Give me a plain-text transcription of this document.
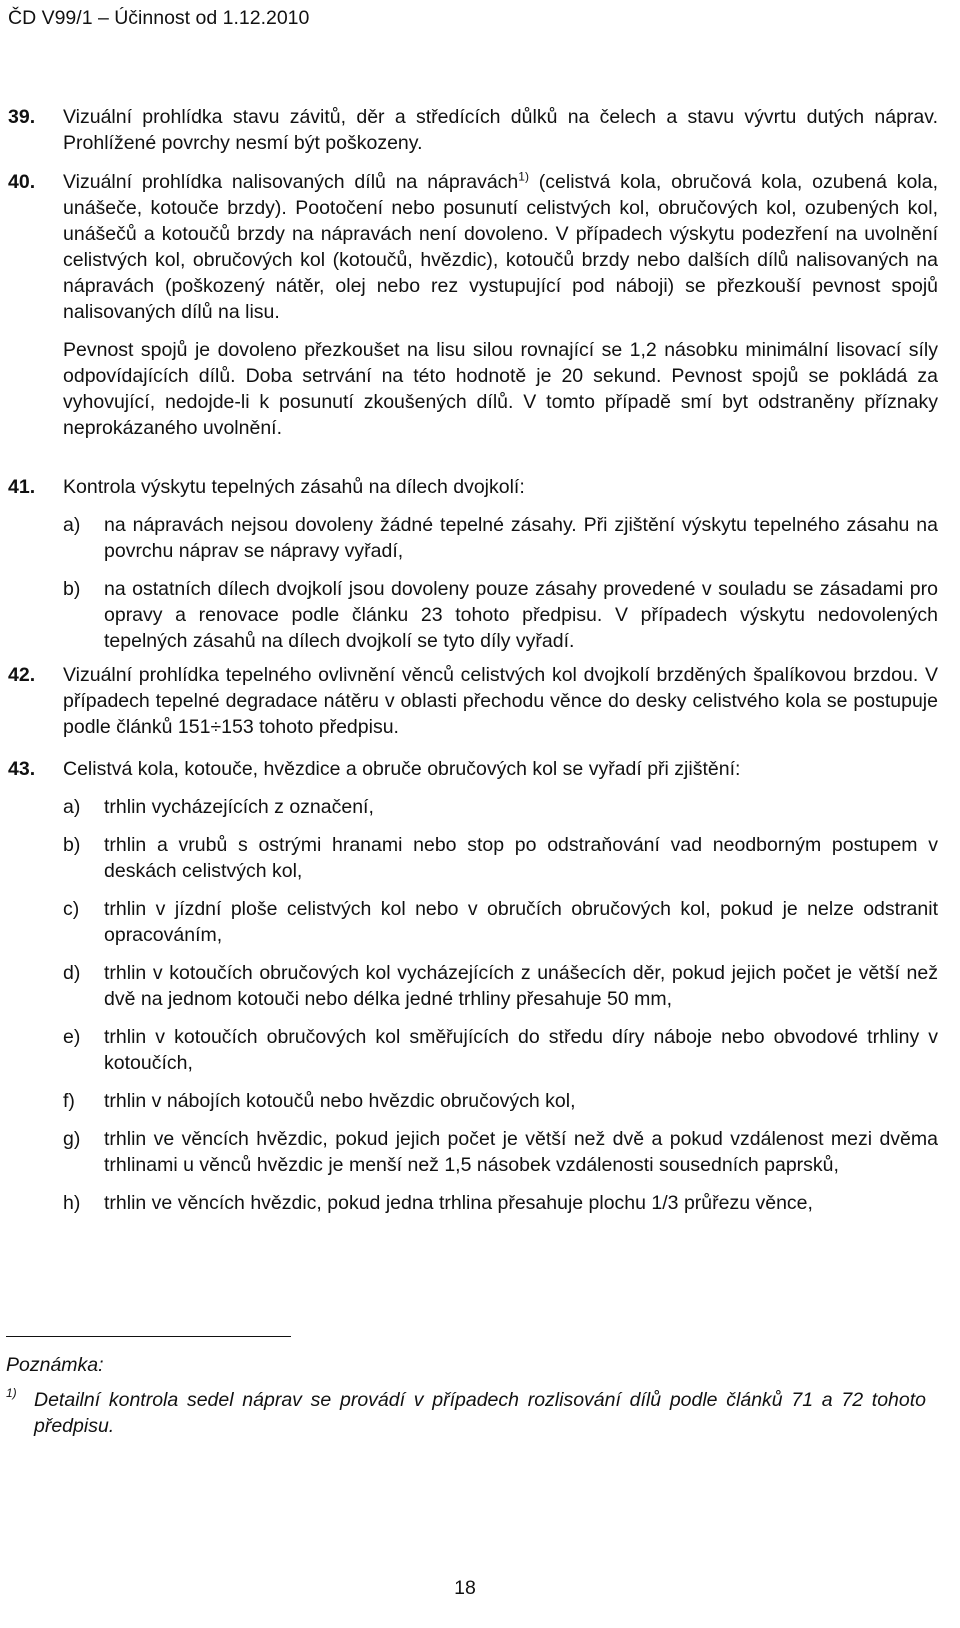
ČD V99/1 – Účinnost od 1.12.2010
39.	Vizuální prohlídka stavu závitů, děr a středících důlků na čelech a stavu vývrtu dutých náprav. Prohlížené povrchy nesmí být poškozeny.

40.	Vizuální prohlídka nalisovaných dílů na nápravách$^{1)}$ (celistvá kola, obručová kola, ozubená kola, unášeče, kotouče brzdy). Pootočení nebo posunutí celistvých kol, obručových kol, ozubených kol, unášečů a kotoučů brzdy na nápravách není dovoleno. V případech výskytu podezření na uvolnění celistvých kol, obručových kol (kotoučů, hvězdic), kotoučů brzdy nebo dalších dílů nalisovaných na nápravách (poškozený nátěr, olej nebo rez vystupující pod náboji) se přezkouší pevnost spojů nalisovaných dílů na lisu.

Pevnost spojů je dovoleno přezkoušet na lisu silou rovnající se 1,2 násobku minimální lisovací síly odpovídajících dílů. Doba setrvání na této hodnotě je 20 sekund. Pevnost spojů se pokládá za vyhovující, nedojde-li k posunutí zkoušených dílů. V tomto případě smí byt odstraněny příznaky neprokázaného uvolnění.

41.	Kontrola výskytu tepelných zásahů na dílech dvojkolí:

a)	na nápravách nejsou dovoleny žádné tepelné zásahy. Při zjištění výskytu tepelného zásahu na povrchu náprav se nápravy vyřadí,
b)	na ostatních dílech dvojkolí jsou dovoleny pouze zásahy provedené v souladu se zásadami pro opravy a renovace podle článku 23 tohoto předpisu. V případech výskytu nedovolených tepelných zásahů na dílech dvojkolí se tyto díly vyřadí.
42.	Vizuální prohlídka tepelného ovlivnění věnců celistvých kol dvojkolí brzděných špalíkovou brzdou. V případech tepelné degradace nátěru v oblasti přechodu věnce do desky celistvého kola se postupuje podle článků 151÷153 tohoto předpisu.

43.	Celistvá kola, kotouče, hvězdice a obruče obručových kol se vyřadí při zjištění:

a)	trhlin vycházejících z označení,
b)	trhlin a vrubů s ostrými hranami nebo stop po odstraňování vad neodborným postupem v deskách celistvých kol,
c)	trhlin v jízdní ploše celistvých kol nebo v obručích obručových kol, pokud je nelze odstranit opracováním,
d)	trhlin v kotoučích obručových kol vycházejících z unášecích děr, pokud jejich počet je větší než dvě na jednom kotouči nebo délka jedné trhliny přesahuje 50 mm,
e)	trhlin v kotoučích obručových kol směřujících do středu díry náboje nebo obvodové trhliny v kotoučích,
f)	trhlin v nábojích kotoučů nebo hvězdic obručových kol,
g)	trhlin ve věncích hvězdic, pokud jejich počet je větší než dvě a pokud vzdálenost mezi dvěma trhlinami u věnců hvězdic je menší než 1,5 násobek vzdálenosti sousedních paprsků,
h)	trhlin ve věncích hvězdic, pokud jedna trhlina přesahuje plochu 1/3 průřezu věnce,
Poznámka:
1) Detailní kontrola sedel náprav se provádí v případech rozlisování dílů podle článků 71 a 72 tohoto předpisu.
18
